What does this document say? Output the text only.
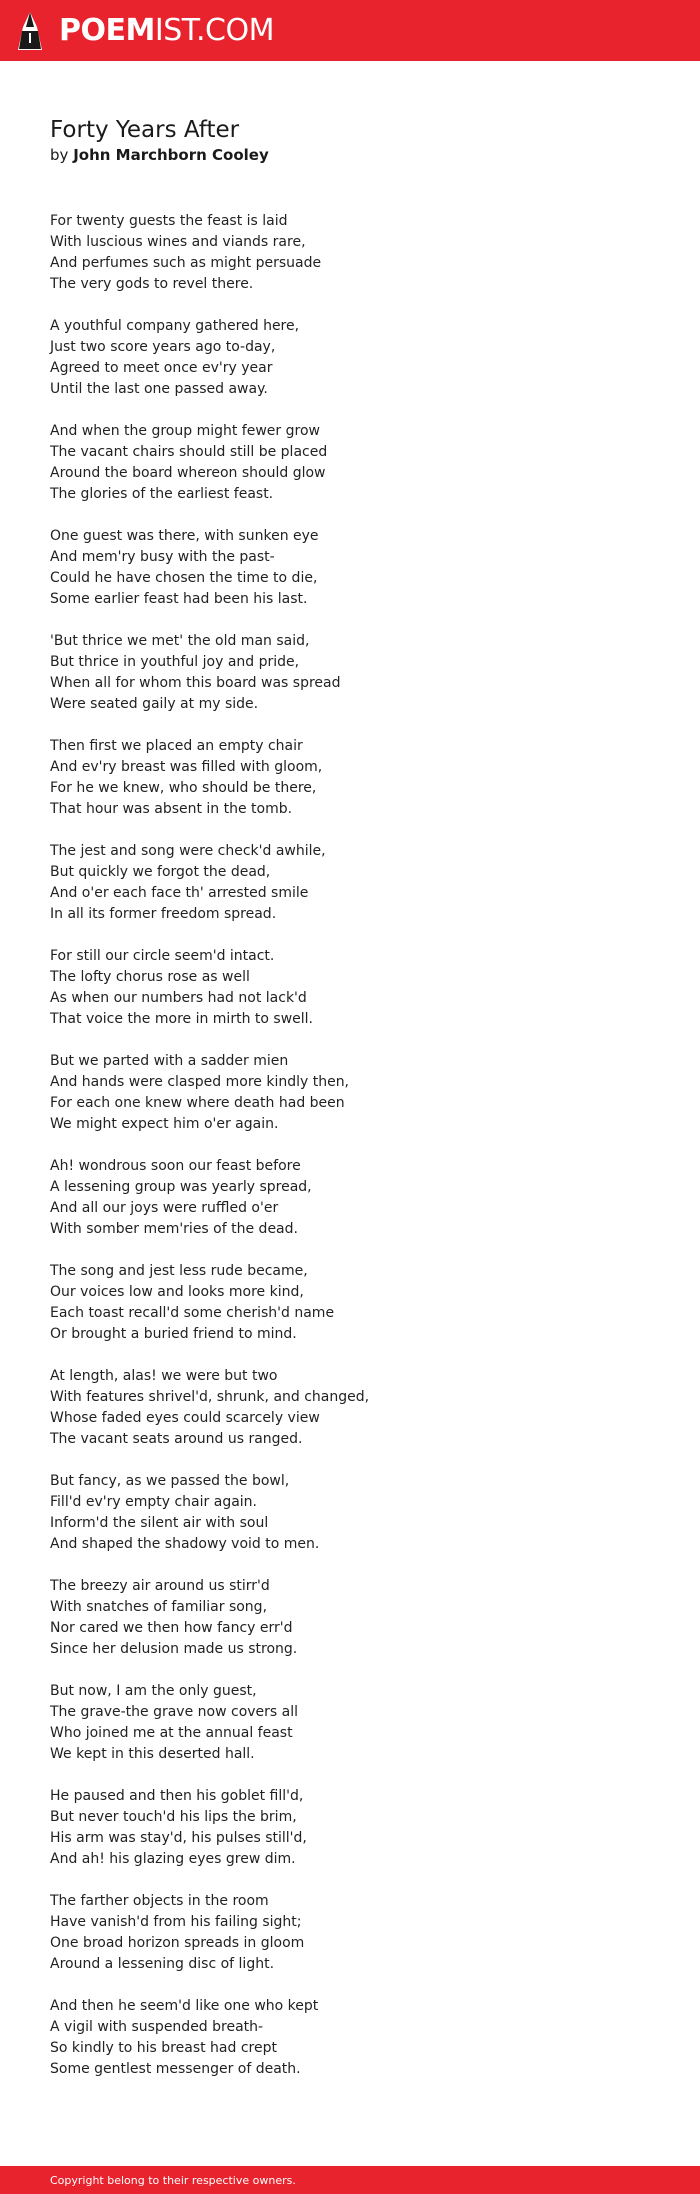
POEMIST.COM
Forty Years After

by John Marchborn Cooley

For twenty guests the feast is laid
With luscious wines and viands rare,
And perfumes such as might persuade
The very gods to revel there.
A youthful company gathered here,
Just two score years ago to-day,
Agreed to meet once ev'ry year
Until the last one passed away.
And when the group might fewer grow
The vacant chairs should still be placed
Around the board whereon should glow
The glories of the earliest feast.
One guest was there, with sunken eye
And mem'ry busy with the past-
Could he have chosen the time to die,
Some earlier feast had been his last.
'But thrice we met' the old man said,
But thrice in youthful joy and pride,
When all for whom this board was spread
Were seated gaily at my side.
Then first we placed an empty chair
And ev'ry breast was filled with gloom,
For he we knew, who should be there,
That hour was absent in the tomb.
The jest and song were check'd awhile,
But quickly we forgot the dead,
And o'er each face th' arrested smile
In all its former freedom spread.
For still our circle seem'd intact.
The lofty chorus rose as well
As when our numbers had not lack'd
That voice the more in mirth to swell.
But we parted with a sadder mien
And hands were clasped more kindly then,
For each one knew where death had been
We might expect him o'er again.
Ah! wondrous soon our feast before
A lessening group was yearly spread,
And all our joys were ruffled o'er
With somber mem'ries of the dead.
The song and jest less rude became,
Our voices low and looks more kind,
Each toast recall'd some cherish'd name
Or brought a buried friend to mind.
At length, alas! we were but two
With features shrivel'd, shrunk, and changed,
Whose faded eyes could scarcely view
The vacant seats around us ranged.
But fancy, as we passed the bowl,
Fill'd ev'ry empty chair again.
Inform'd the silent air with soul
And shaped the shadowy void to men.
The breezy air around us stirr'd
With snatches of familiar song,
Nor cared we then how fancy err'd
Since her delusion made us strong.
But now, I am the only guest,
The grave-the grave now covers all
Who joined me at the annual feast
We kept in this deserted hall.
He paused and then his goblet fill'd,
But never touch'd his lips the brim,
His arm was stay'd, his pulses still'd,
And ah! his glazing eyes grew dim.
The farther objects in the room
Have vanish'd from his failing sight;
One broad horizon spreads in gloom
Around a lessening disc of light.
And then he seem'd like one who kept
A vigil with suspended breath-
So kindly to his breast had crept
Some gentlest messenger of death.
Copyright belong to their respective owners.
